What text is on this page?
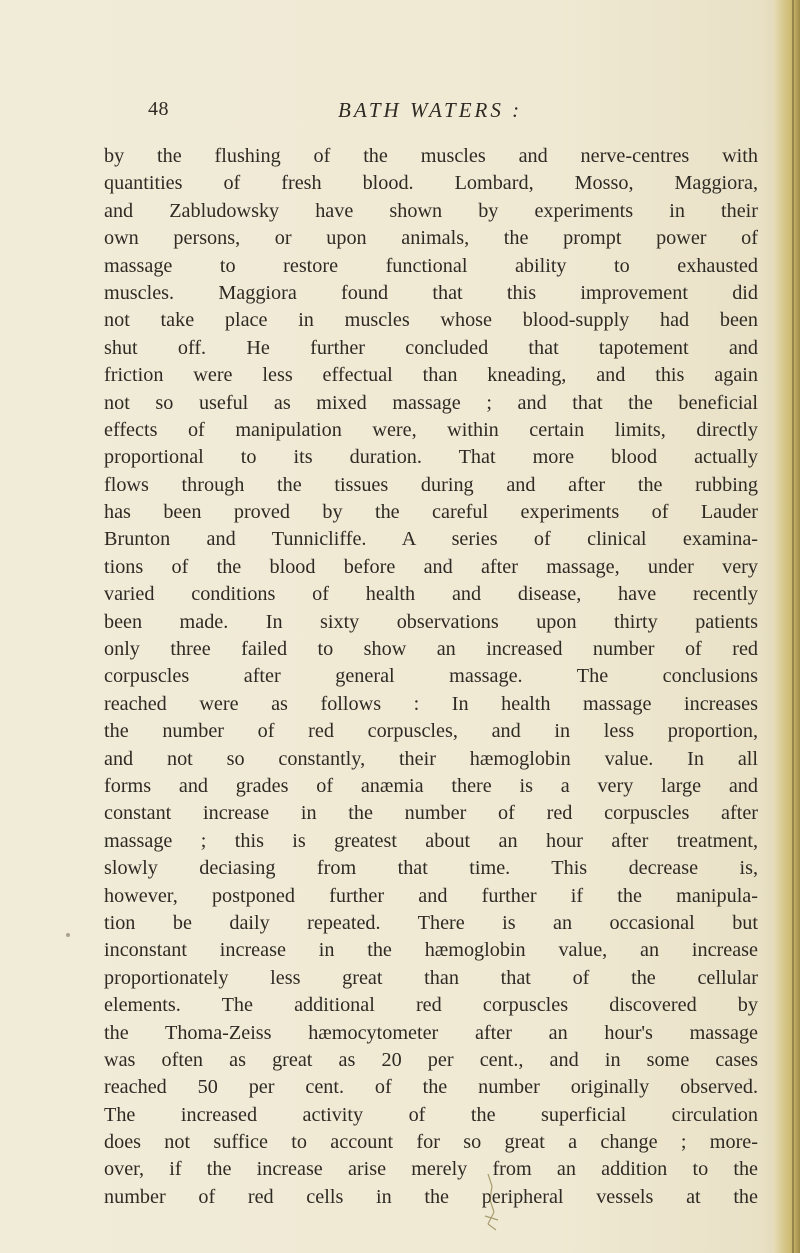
48	BATH WATERS :
by the flushing of the muscles and nerve-centres with
quantities of fresh blood. Lombard, Mosso, Maggiora,
and Zabludowsky have shown by experiments in their
own persons, or upon animals, the prompt power of
massage to restore functional ability to exhausted
muscles. Maggiora found that this improvement did
not take place in muscles whose blood-supply had been
shut off. He further concluded that tapotement and
friction were less effectual than kneading, and this again
not so useful as mixed massage ; and that the beneficial
effects of manipulation were, within certain limits, directly
proportional to its duration. That more blood actually
flows through the tissues during and after the rubbing
has been proved by the careful experiments of Lauder
Brunton and Tunnicliffe. A series of clinical examina-
tions of the blood before and after massage, under very
varied conditions of health and disease, have recently
been made. In sixty observations upon thirty patients
only three failed to show an increased number of red
corpuscles after general massage. The conclusions
reached were as follows : In health massage increases
the number of red corpuscles, and in less proportion,
and not so constantly, their hæmoglobin value. In all
forms and grades of anæmia there is a very large and
constant increase in the number of red corpuscles after
massage ; this is greatest about an hour after treatment,
slowly deciasing from that time. This decrease is,
however, postponed further and further if the manipula-
tion be daily repeated. There is an occasional but
inconstant increase in the hæmoglobin value, an increase
proportionately less great than that of the cellular
elements. The additional red corpuscles discovered by
the Thoma-Zeiss hæmocytometer after an hour's massage
was often as great as 20 per cent., and in some cases
reached 50 per cent. of the number originally observed.
The increased activity of the superficial circulation
does not suffice to account for so great a change ; more-
over, if the increase arise merely from an addition to the
number of red cells in the peripheral vessels at the
